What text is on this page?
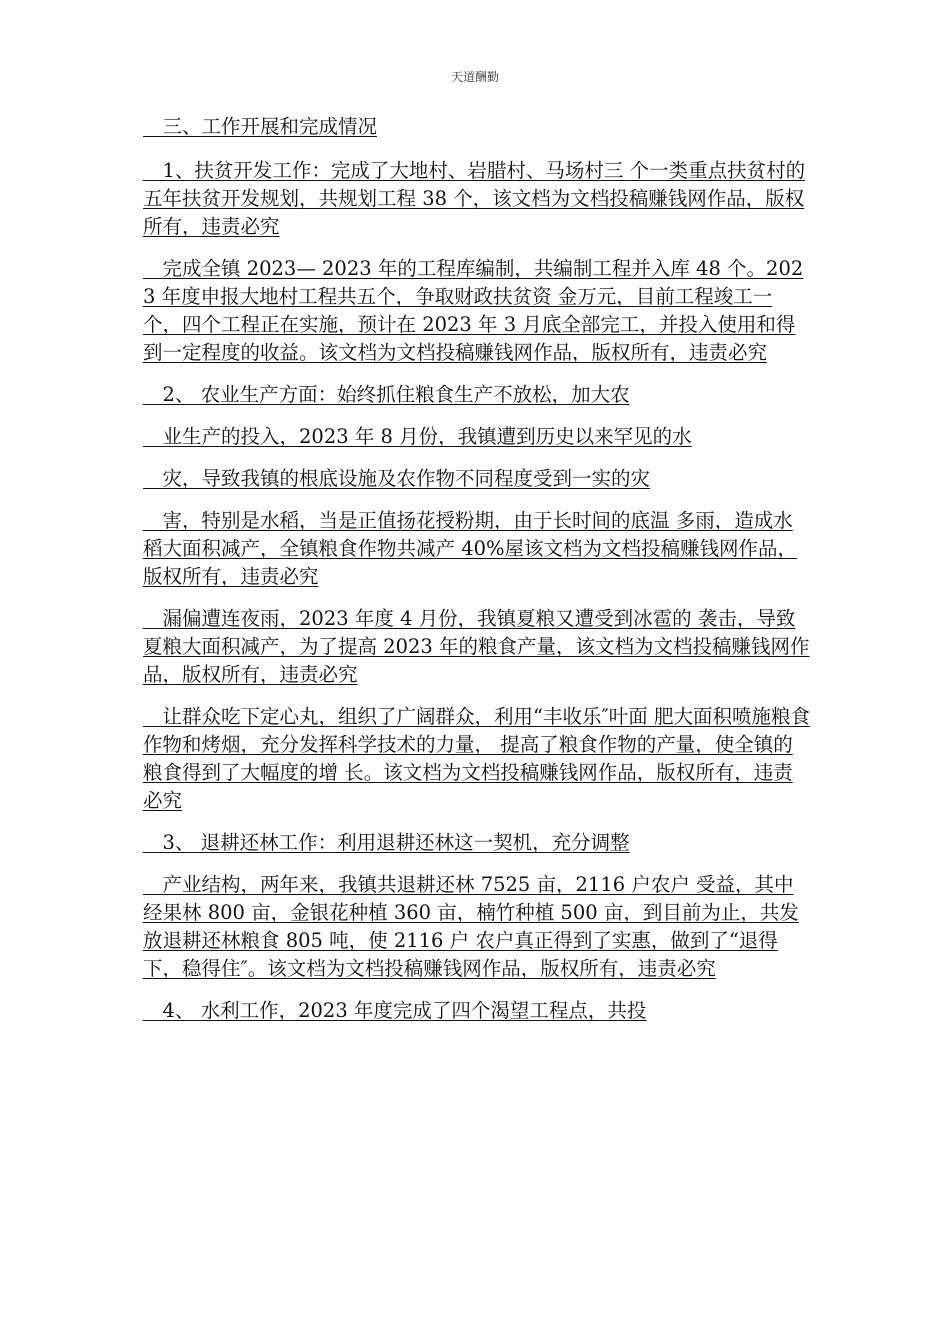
天道酬勤

　三、工作开展和完成情况

　1、扶贫开发工作：完成了大地村、岩腊村、马场村三 个一类重点扶贫村的五年扶贫开发规划，共规划工程 38 个，该文档为文档投稿赚钱网作品，版权所有，违责必究

　完成全镇 2023— 2023 年的工程库编制，共编制工程并入库 48 个。2023 年度申报大地村工程共五个，争取财政扶贫资 金万元，目前工程竣工一个，四个工程正在实施，预计在 2023 年 3 月底全部完工，并投入使用和得到一定程度的收益。该文档为文档投稿赚钱网作品，版权所有，违责必究

　2、 农业生产方面：始终抓住粮食生产不放松，加大农

　业生产的投入，2023 年 8 月份，我镇遭到历史以来罕见的水

　灾，导致我镇的根底设施及农作物不同程度受到一实的灾

　害，特别是水稻，当是正值扬花授粉期，由于长时间的底温 多雨，造成水稻大面积减产，全镇粮食作物共减产 40%屋该文档为文档投稿赚钱网作品，版权所有，违责必究

　漏偏遭连夜雨，2023 年度 4 月份，我镇夏粮又遭受到冰雹的 袭击，导致夏粮大面积减产，为了提高 2023 年的粮食产量，该文档为文档投稿赚钱网作品，版权所有，违责必究

　让群众吃下定心丸，组织了广阔群众，利用“丰收乐″叶面 肥大面积喷施粮食作物和烤烟，充分发挥科学技术的力量， 提高了粮食作物的产量，使全镇的粮食得到了大幅度的增 长。该文档为文档投稿赚钱网作品，版权所有，违责必究

　3、 退耕还林工作：利用退耕还林这一契机，充分调整

　产业结构，两年来，我镇共退耕还林 7525 亩，2116 户农户 受益，其中经果林 800 亩，金银花种植 360 亩，楠竹种植 500 亩，到目前为止，共发放退耕还林粮食 805 吨，使 2116 户 农户真正得到了实惠，做到了“退得下，稳得住″。该文档为文档投稿赚钱网作品，版权所有，违责必究

　4、 水利工作，2023 年度完成了四个渴望工程点，共投
